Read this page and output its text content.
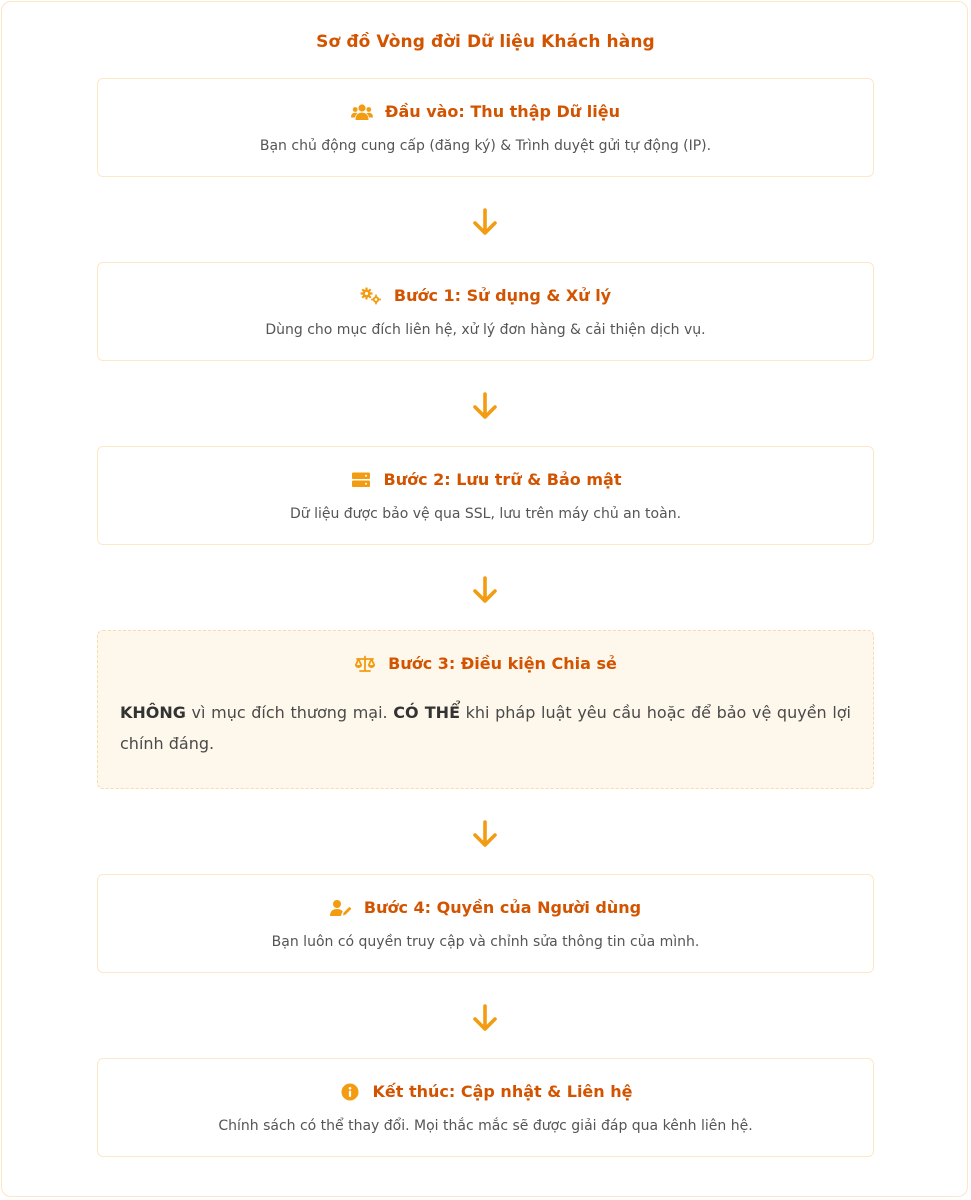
Sơ đồ Vòng đời Dữ liệu Khách hàng
Đầu vào: Thu thập Dữ liệu
Bạn chủ động cung cấp (đăng ký) & Trình duyệt gửi tự động (IP).
Bước 1: Sử dụng & Xử lý
Dùng cho mục đích liên hệ, xử lý đơn hàng & cải thiện dịch vụ.
Bước 2: Lưu trữ & Bảo mật
Dữ liệu được bảo vệ qua SSL, lưu trên máy chủ an toàn.
Bước 3: Điều kiện Chia sẻ
KHÔNG vì mục đích thương mại. CÓ THỂ khi pháp luật yêu cầu hoặc để bảo vệ quyền lợi chính đáng.
Bước 4: Quyền của Người dùng
Bạn luôn có quyền truy cập và chỉnh sửa thông tin của mình.
Kết thúc: Cập nhật & Liên hệ
Chính sách có thể thay đổi. Mọi thắc mắc sẽ được giải đáp qua kênh liên hệ.
